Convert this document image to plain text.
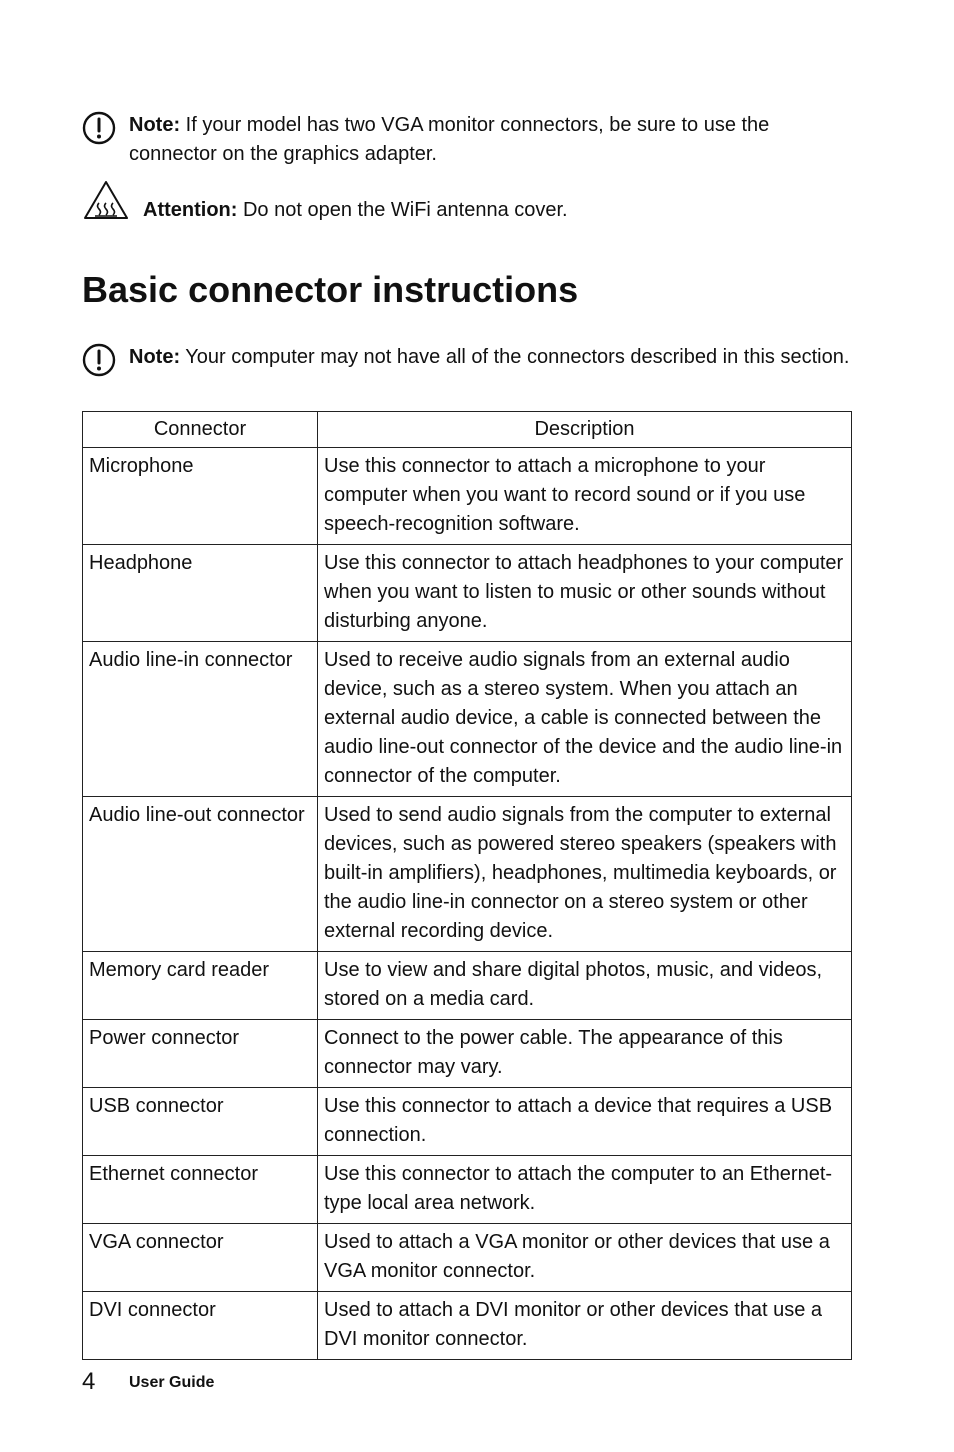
Note: If your model has two VGA monitor connectors, be sure to use the connector on the graphics adapter.
Attention: Do not open the WiFi antenna cover.
Basic connector instructions
Note: Your computer may not have all of the connectors described in this section.
Connector	Description
Microphone	Use this connector to attach a microphone to your computer when you want to record sound or if you use speech-recognition software.
Headphone	Use this connector to attach headphones to your computer when you want to listen to music or other sounds without disturbing anyone.
Audio line-in connector	Used to receive audio signals from an external audio device, such as a stereo system. When you attach an external audio device, a cable is connected between the audio line-out connector of the device and the audio line-in connector of the computer.
Audio line-out connector	Used to send audio signals from the computer to external devices, such as powered stereo speakers (speakers with built-in amplifiers), headphones, multimedia keyboards, or the audio line-in connector on a stereo system or other external recording device.
Memory card reader	Use to view and share digital photos, music, and videos, stored on a media card.
Power connector	Connect to the power cable. The appearance of this connector may vary.
USB connector	Use this connector to attach a device that requires a USB connection.
Ethernet connector	Use this connector to attach the computer to an Ethernet-type local area network.
VGA connector	Used to attach a VGA monitor or other devices that use a VGA monitor connector.
DVI connector	Used to attach a DVI monitor or other devices that use a DVI monitor connector.
4 User Guide
